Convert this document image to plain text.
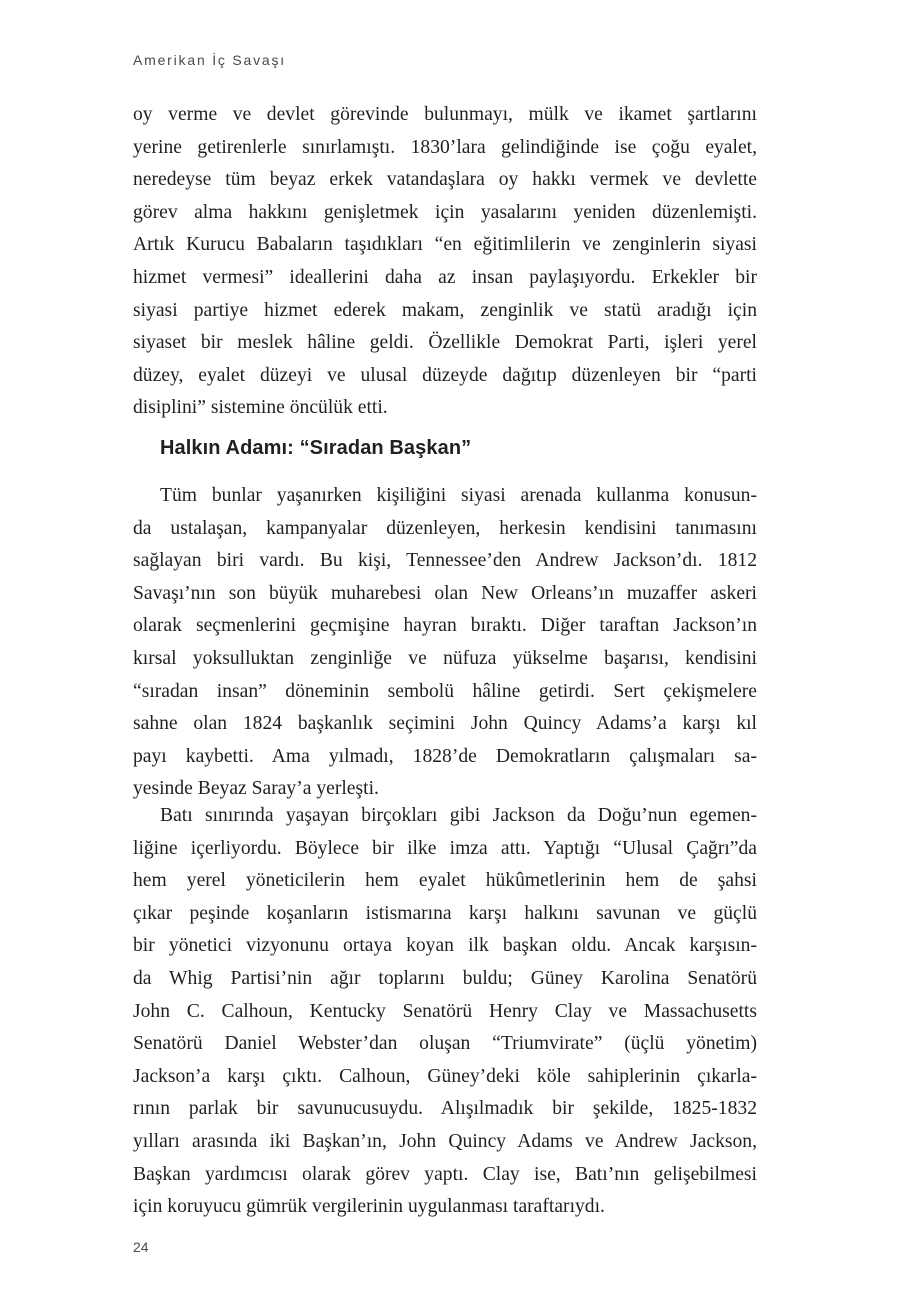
Amerikan İç Savaşı
oy verme ve devlet görevinde bulunmayı, mülk ve ikamet şartlarını
yerine getirenlerle sınırlamıştı. 1830’lara gelindiğinde ise çoğu eyalet,
neredeyse tüm beyaz erkek vatandaşlara oy hakkı vermek ve devlette
görev alma hakkını genişletmek için yasalarını yeniden düzenlemişti.
Artık Kurucu Babaların taşıdıkları “en eğitimlilerin ve zenginlerin siyasi
hizmet vermesi” ideallerini daha az insan paylaşıyordu. Erkekler bir
siyasi partiye hizmet ederek makam, zenginlik ve statü aradığı için
siyaset bir meslek hâline geldi. Özellikle Demokrat Parti, işleri yerel
düzey, eyalet düzeyi ve ulusal düzeyde dağıtıp düzenleyen bir “parti
disiplini” sistemine öncülük etti.
Halkın Adamı: “Sıradan Başkan”
Tüm bunlar yaşanırken kişiliğini siyasi arenada kullanma konusun-
da ustalaşan, kampanyalar düzenleyen, herkesin kendisini tanımasını
sağlayan biri vardı. Bu kişi, Tennessee’den Andrew Jackson’dı. 1812
Savaşı’nın son büyük muharebesi olan New Orleans’ın muzaffer askeri
olarak seçmenlerini geçmişine hayran bıraktı. Diğer taraftan Jackson’ın
kırsal yoksulluktan zenginliğe ve nüfuza yükselme başarısı, kendisini
“sıradan insan” döneminin sembolü hâline getirdi. Sert çekişmelere
sahne olan 1824 başkanlık seçimini John Quincy Adams’a karşı kıl
payı kaybetti. Ama yılmadı, 1828’de Demokratların çalışmaları sa-
yesinde Beyaz Saray’a yerleşti.
Batı sınırında yaşayan birçokları gibi Jackson da Doğu’nun egemen-
liğine içerliyordu. Böylece bir ilke imza attı. Yaptığı “Ulusal Çağrı”da
hem yerel yöneticilerin hem eyalet hükûmetlerinin hem de şahsi
çıkar peşinde koşanların istismarına karşı halkını savunan ve güçlü
bir yönetici vizyonunu ortaya koyan ilk başkan oldu. Ancak karşısın-
da Whig Partisi’nin ağır toplarını buldu; Güney Karolina Senatörü
John C. Calhoun, Kentucky Senatörü Henry Clay ve Massachusetts
Senatörü Daniel Webster’dan oluşan “Triumvirate” (üçlü yönetim)
Jackson’a karşı çıktı. Calhoun, Güney’deki köle sahiplerinin çıkarla-
rının parlak bir savunucusuydu. Alışılmadık bir şekilde, 1825-1832
yılları arasında iki Başkan’ın, John Quincy Adams ve Andrew Jackson,
Başkan yardımcısı olarak görev yaptı. Clay ise, Batı’nın gelişebilmesi
için koruyucu gümrük vergilerinin uygulanması taraftarıydı.
24
